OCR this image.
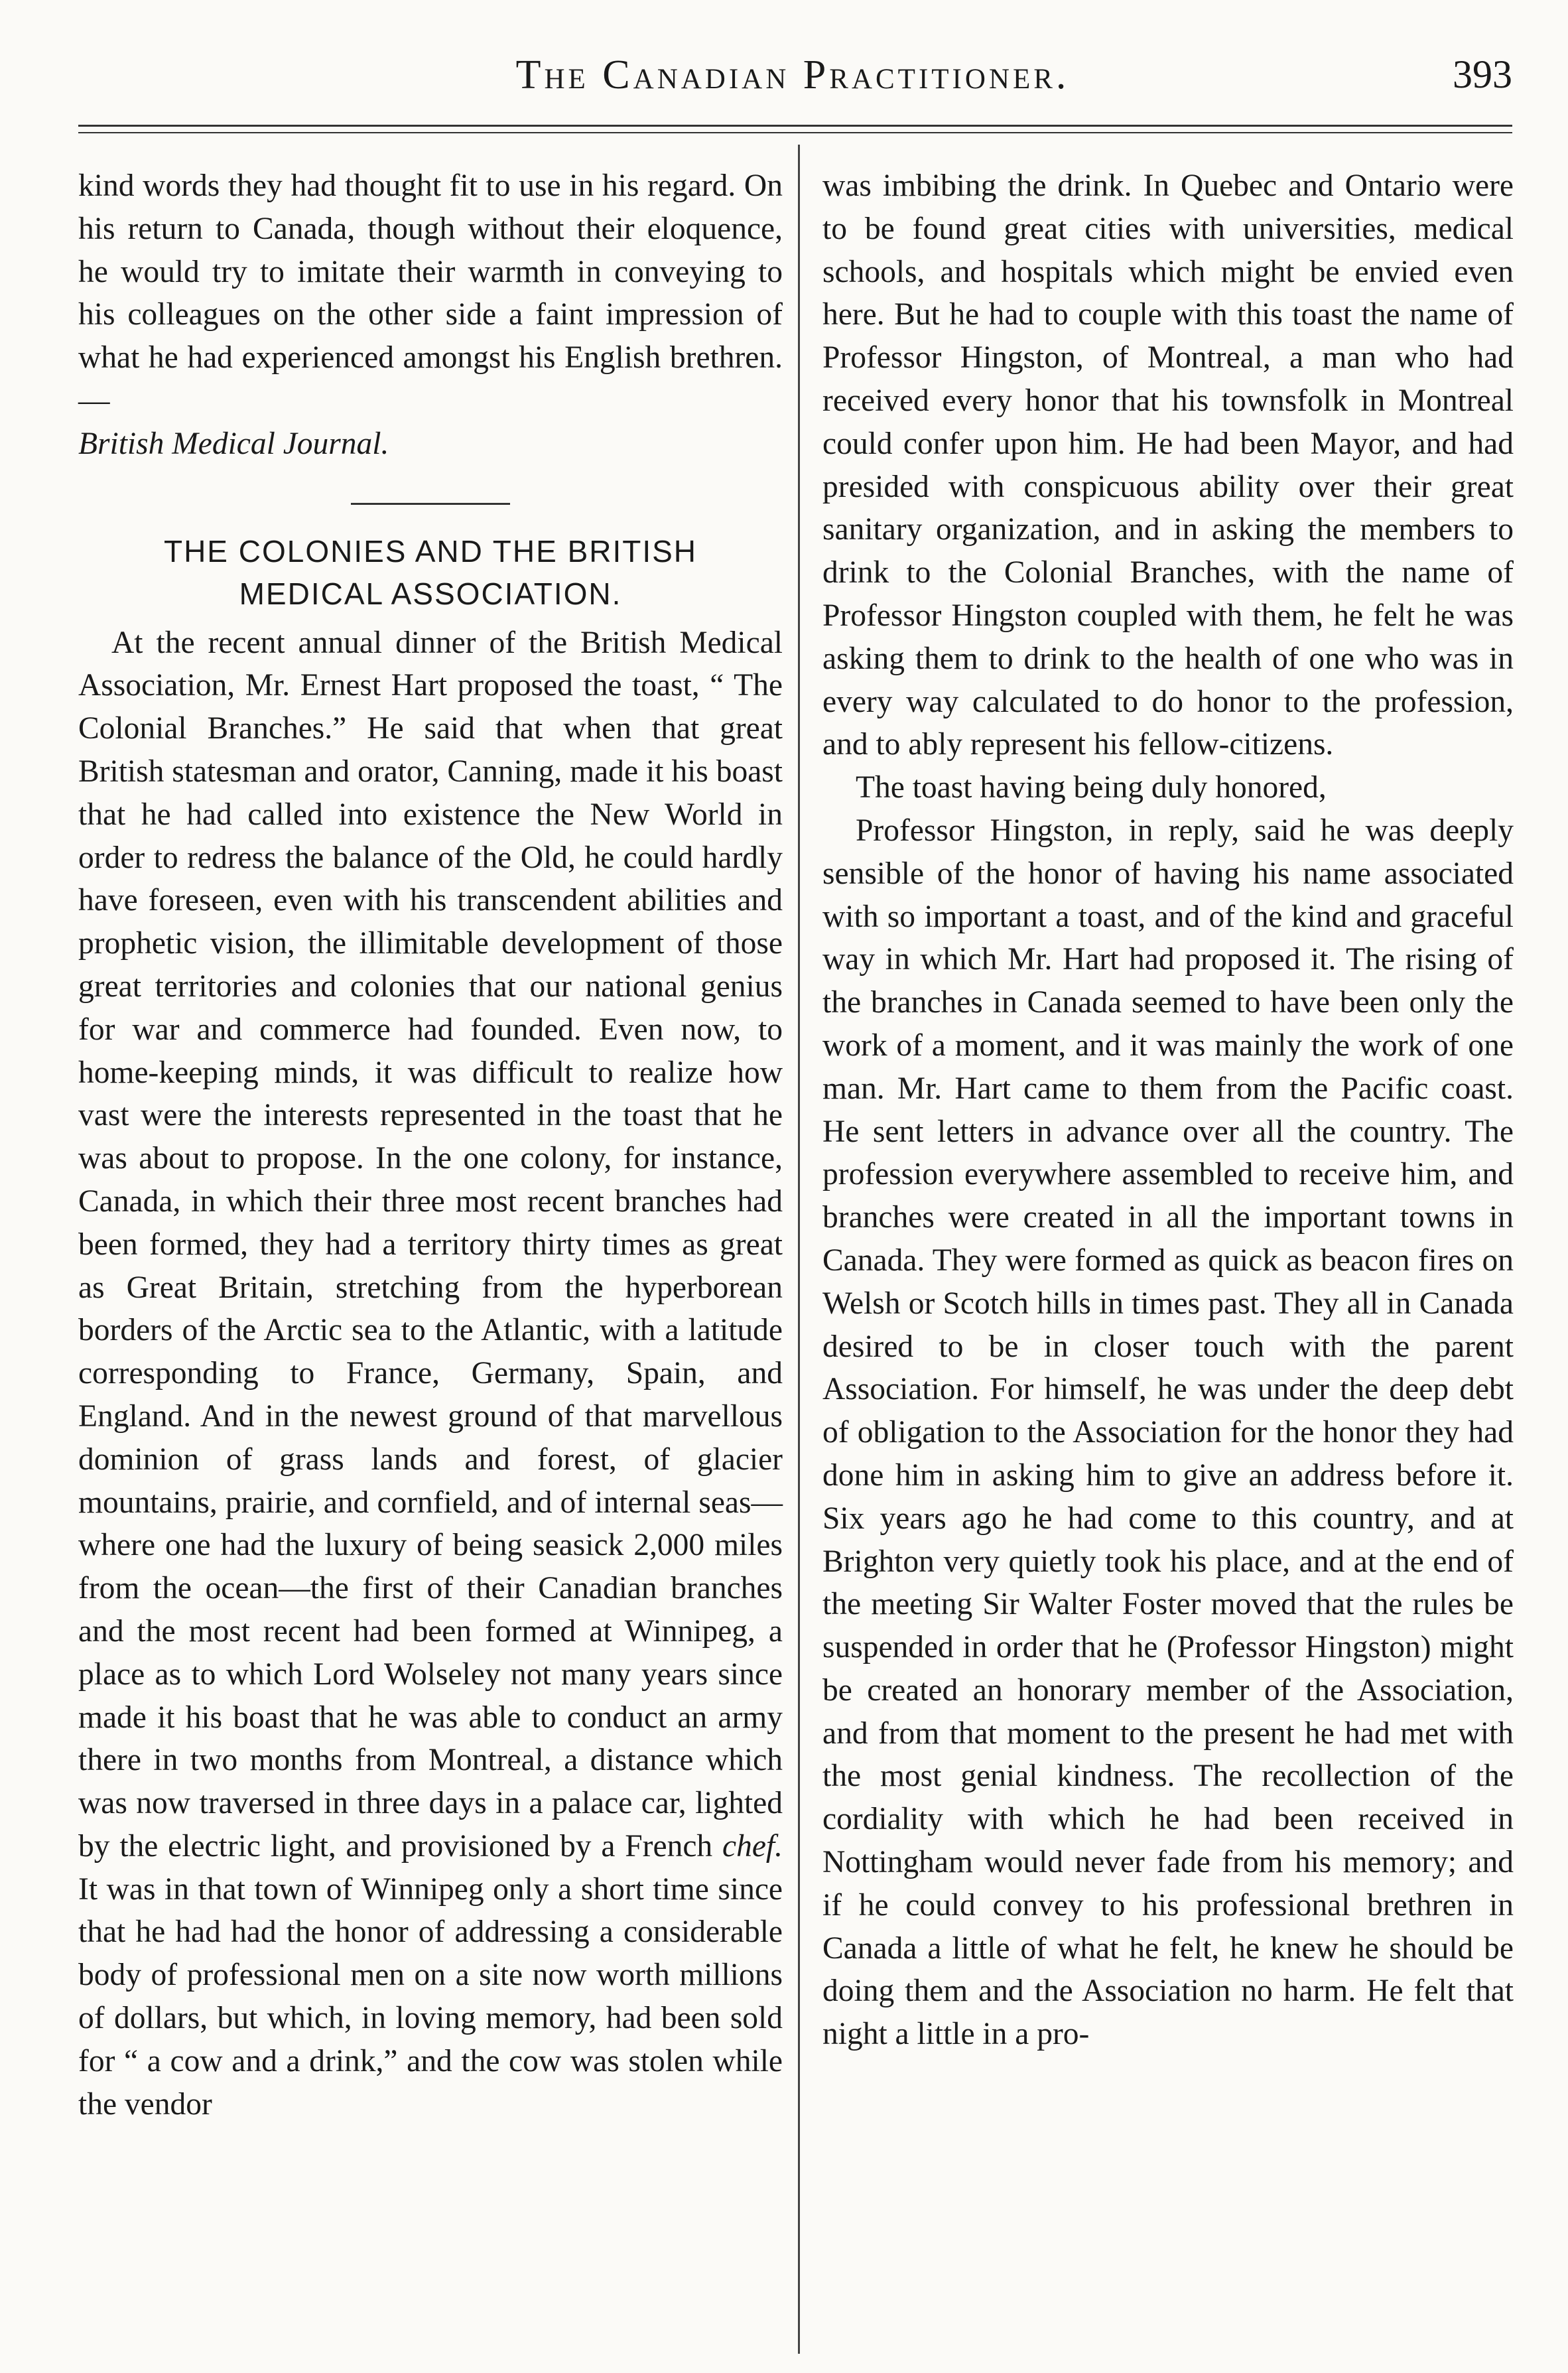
The Canadian Practitioner.	393

kind words they had thought fit to use in his regard. On his return to Canada, though without their eloquence, he would try to imitate their warmth in conveying to his colleagues on the other side a faint impression of what he had experienced amongst his English brethren.—
British Medical Journal.

THE COLONIES AND THE BRITISH
MEDICAL ASSOCIATION.

At the recent annual dinner of the British Medical Association, Mr. Ernest Hart proposed the toast, “ The Colonial Branches.” He said that when that great British statesman and orator, Canning, made it his boast that he had called into existence the New World in order to redress the balance of the Old, he could hardly have foreseen, even with his transcendent abilities and prophetic vision, the illimitable development of those great territories and colonies that our national genius for war and commerce had founded. Even now, to home-keeping minds, it was difficult to realize how vast were the interests represented in the toast that he was about to propose. In the one colony, for instance, Canada, in which their three most recent branches had been formed, they had a territory thirty times as great as Great Britain, stretching from the hyperborean borders of the Arctic sea to the Atlantic, with a latitude corresponding to France, Germany, Spain, and England. And in the newest ground of that marvellous dominion of grass lands and forest, of glacier mountains, prairie, and cornfield, and of internal seas—where one had the luxury of being seasick 2,000 miles from the ocean—the first of their Canadian branches and the most recent had been formed at Winnipeg, a place as to which Lord Wolseley not many years since made it his boast that he was able to conduct an army there in two months from Montreal, a distance which was now traversed in three days in a palace car, lighted by the electric light, and provisioned by a French chef. It was in that town of Winnipeg only a short time since that he had had the honor of addressing a considerable body of professional men on a site now worth millions of dollars, but which, in loving memory, had been sold for “ a cow and a drink,” and the cow was stolen while the vendor

was imbibing the drink. In Quebec and Ontario were to be found great cities with universities, medical schools, and hospitals which might be envied even here. But he had to couple with this toast the name of Professor Hingston, of Montreal, a man who had received every honor that his townsfolk in Montreal could confer upon him. He had been Mayor, and had presided with conspicuous ability over their great sanitary organization, and in asking the members to drink to the Colonial Branches, with the name of Professor Hingston coupled with them, he felt he was asking them to drink to the health of one who was in every way calculated to do honor to the profession, and to ably represent his fellow-citizens.

The toast having being duly honored,

Professor Hingston, in reply, said he was deeply sensible of the honor of having his name associated with so important a toast, and of the kind and graceful way in which Mr. Hart had proposed it. The rising of the branches in Canada seemed to have been only the work of a moment, and it was mainly the work of one man. Mr. Hart came to them from the Pacific coast. He sent letters in advance over all the country. The profession everywhere assembled to receive him, and branches were created in all the important towns in Canada. They were formed as quick as beacon fires on Welsh or Scotch hills in times past. They all in Canada desired to be in closer touch with the parent Association. For himself, he was under the deep debt of obligation to the Association for the honor they had done him in asking him to give an address before it. Six years ago he had come to this country, and at Brighton very quietly took his place, and at the end of the meeting Sir Walter Foster moved that the rules be suspended in order that he (Professor Hingston) might be created an honorary member of the Association, and from that moment to the present he had met with the most genial kindness. The recollection of the cordiality with which he had been received in Nottingham would never fade from his memory; and if he could convey to his professional brethren in Canada a little of what he felt, he knew he should be doing them and the Association no harm. He felt that night a little in a pro-
